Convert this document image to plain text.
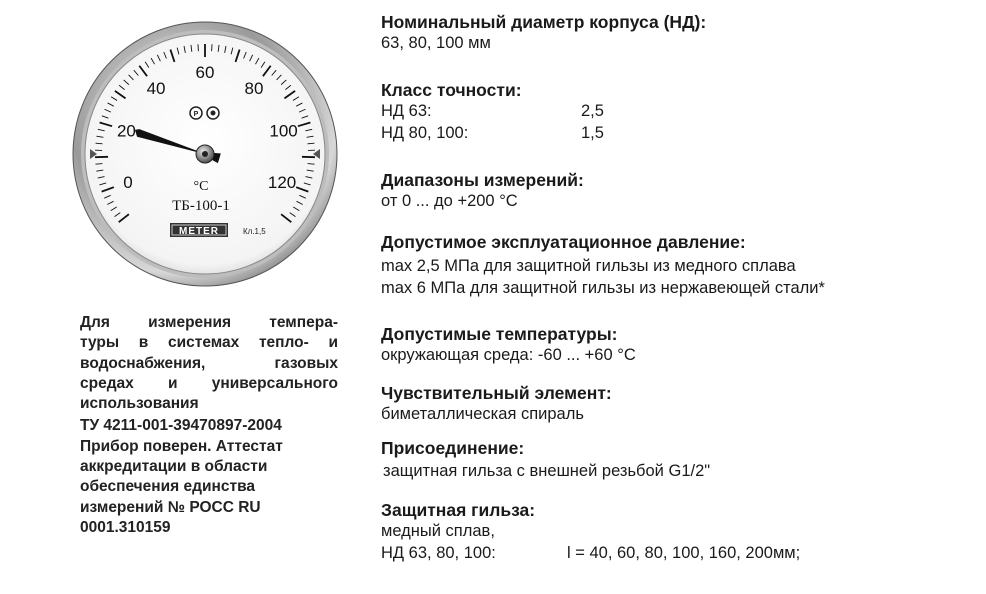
0
20
40
60
80
100
120
P
°C
ТБ-100-1
METER	Кл.1,5
Для измерения темпера-
туры в системах тепло- и
водоснабжения, газовых
средах и универсального
использования
ТУ 4211-001-39470897-2004
Прибор поверен. Аттестат
аккредитации в области
обеспечения единства
измерений № РОСС RU
0001.310159
Номинальный диаметр корпуса (НД):
63, 80, 100 мм
Класс точности:
НД 63:	2,5
НД 80, 100:	1,5
Диапазоны измерений:
от 0 ... до +200 °С
Допустимое эксплуатационное давление:
max 2,5 МПа для защитной гильзы из медного сплава
max 6 МПа для защитной гильзы из нержавеющей стали*
Допустимые температуры:
окружающая среда: -60 ... +60 °С
Чувствительный элемент:
биметаллическая спираль
Присоединение:
защитная гильза с внешней резьбой G1/2"
Защитная гильза:
медный сплав,
НД 63, 80, 100:	l = 40, 60, 80, 100, 160, 200мм;
